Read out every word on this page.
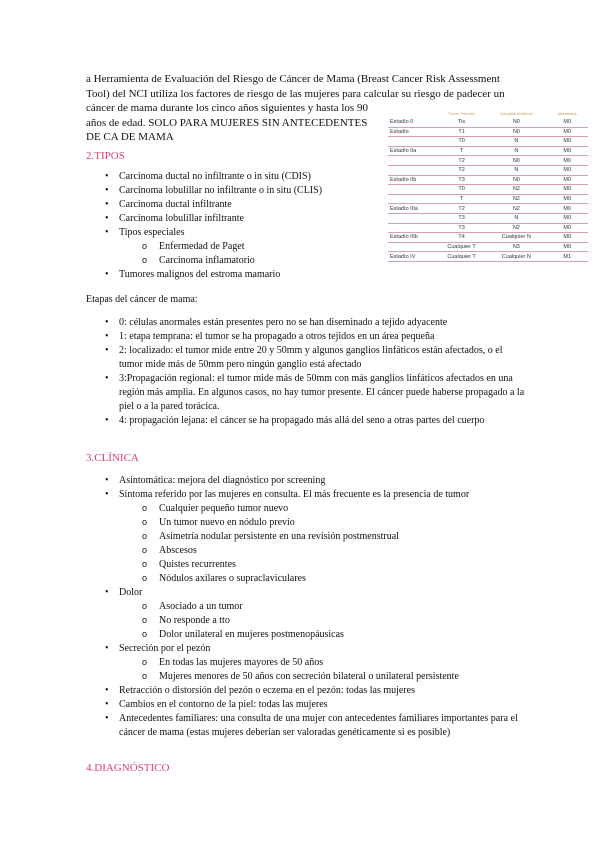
a Herramienta de Evaluación del Riesgo de Cáncer de Mama (Breast Cancer Risk Assessment
Tool) del NCI utiliza los factores de riesgo de las mujeres para calcular su riesgo de padecer un
cáncer de mama durante los cinco años siguientes y hasta los 90
años de edad. SOLO PARA MUJERES SIN ANTECEDENTES
DE CA DE MAMA

	Tumor Primario	Ganglios linfáticos	Metástasis
Estadío 0	Tis	N0	M0
Estadío	T1	N0	M0
	T0	N	M0
Estadío IIa	T	N	M0
	T2	N0	M0
	T2	N	M0
Estadío IIb	T3	N0	M0
	T0	N2	M0
	T	N2	M0
Estadío IIIa	T2	N2	M0
	T3	N	M0
	T3	N2	M0
Estadío IIIb	T4	Cualquier N	M0
	Cualquier T	N3	M0
Estadío IV	Cualquier T	Cualquier N	M1
2.TIPOS
• Carcinoma ductal no infiltrante o in situ (CDIS)
• Carcinoma lobulillar no infiltrante o in situ (CLIS)
• Carcinoma ductal infiltrante
• Carcinoma lobulillar infiltrante
• Tipos especiales
o Enfermedad de Paget
o Carcinoma inflamatorio
• Tumores malignos del estroma mamario

Etapas del cáncer de mama:

• 0: células anormales están presentes pero no se han diseminado a tejido adyacente
• 1: etapa temprana: el tumor se ha propagado a otros tejidos en un área pequeña
• 2: localizado: el tumor mide entre 20 y 50mm y algunos ganglios linfáticos están afectados, o el tumor mide más de 50mm pero ningún ganglio está afectado
• 3:Propagación regional: el tumor mide más de 50mm con más ganglios linfáticos afectados en una región más amplia. En algunos casos, no hay tumor presente. El cáncer puede haberse propagado a la piel o a la pared torácica.
• 4: propagación lejana: el cáncer se ha propagado más allá del seno a otras partes del cuerpo
3.CLÍNICA
• Asintomática: mejora del diagnóstico por screening
• Síntoma referido por las mujeres en consulta. El más frecuente es la presencia de tumor
o Cualquier pequeño tumor nuevo
o Un tumor nuevo en nódulo previo
o Asimetría nodular persistente en una revisión postmenstrual
o Abscesos
o Quistes recurrentes
o Nódulos axilares o supraclaviculares
• Dolor
o Asociado a un tumor
o No responde a tto
o Dolor unilateral en mujeres postmenopáusicas
• Secreción por el pezón
o En todas las mujeres mayores de 50 años
o Mujeres menores de 50 años con secreción bilateral o unilateral persistente
• Retracción o distorsión del pezón o eczema en el pezón: todas las mujeres
• Cambios en el contorno de la piel: todas las mujeres
• Antecedentes familiares: una consulta de una mujer con antecedentes familiares importantes para el cáncer de mama (estas mujeres deberían ser valoradas genéticamente si es posible)
4.DIAGNÓSTICO
